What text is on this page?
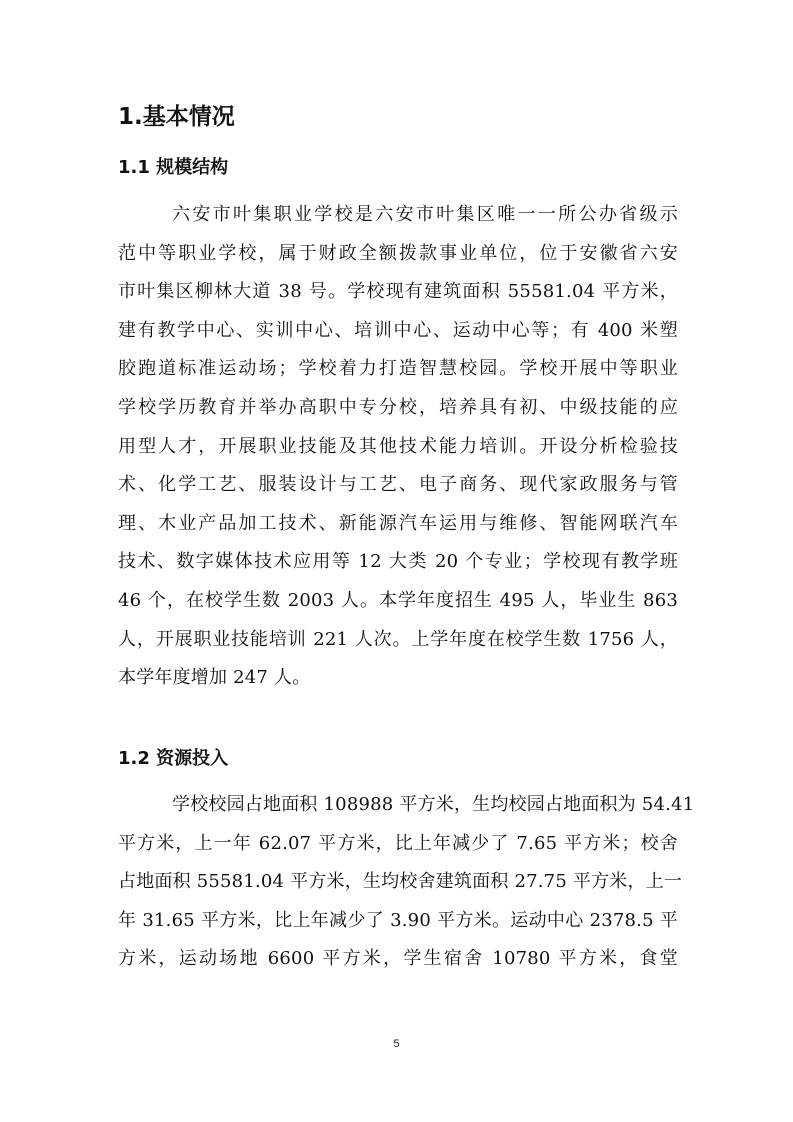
1.基本情况
1.1 规模结构
六安市叶集职业学校是六安市叶集区唯一一所公办省级示
范中等职业学校，属于财政全额拨款事业单位，位于安徽省六安
市叶集区柳林大道 38 号。学校现有建筑面积 55581.04 平方米，
建有教学中心、实训中心、培训中心、运动中心等；有 400 米塑
胶跑道标准运动场；学校着力打造智慧校园。学校开展中等职业
学校学历教育并举办高职中专分校，培养具有初、中级技能的应
用型人才，开展职业技能及其他技术能力培训。开设分析检验技
术、化学工艺、服装设计与工艺、电子商务、现代家政服务与管
理、木业产品加工技术、新能源汽车运用与维修、智能网联汽车
技术、数字媒体技术应用等 12 大类 20 个专业；学校现有教学班
46 个，在校学生数 2003 人。本学年度招生 495 人，毕业生 863
人，开展职业技能培训 221 人次。上学年度在校学生数 1756 人，
本学年度增加 247 人。
1.2 资源投入
学校校园占地面积 108988 平方米，生均校园占地面积为 54.41
平方米，上一年 62.07 平方米，比上年减少了 7.65 平方米；校舍
占地面积 55581.04 平方米，生均校舍建筑面积 27.75 平方米，上一
年 31.65 平方米，比上年减少了 3.90 平方米。运动中心 2378.5 平
方米，运动场地 6600 平方米，学生宿舍 10780 平方米，食堂
5
